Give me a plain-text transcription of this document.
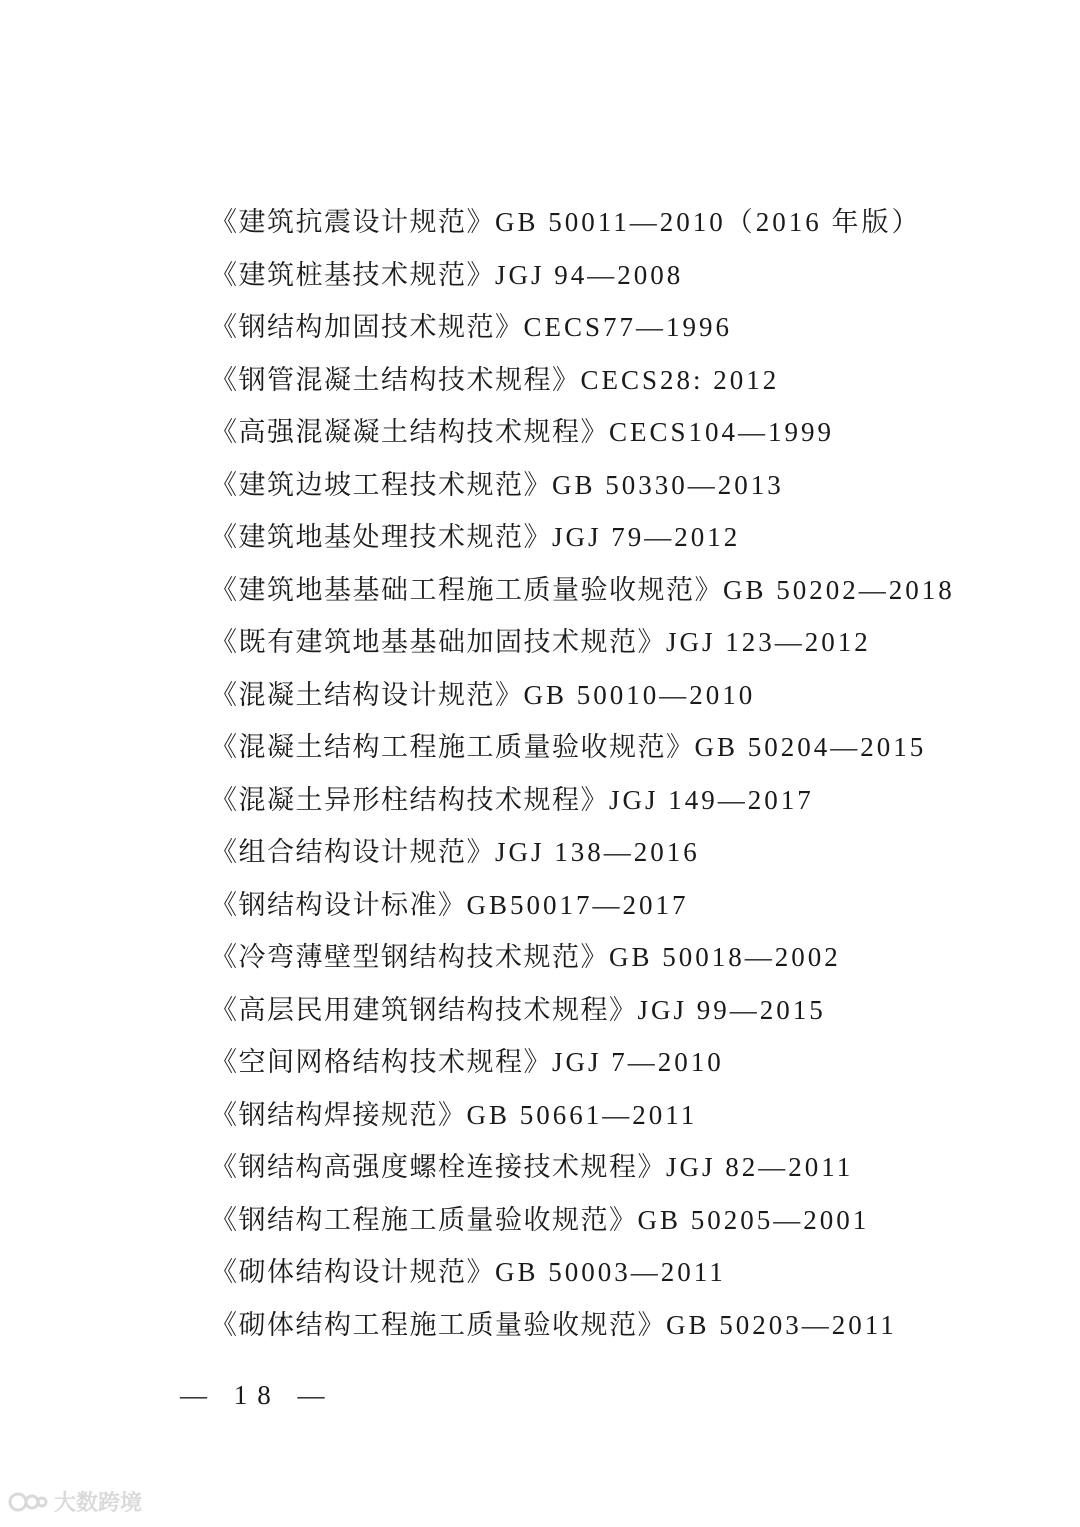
《建筑抗震设计规范》GB 50011—2010（2016 年版）
《建筑桩基技术规范》JGJ 94—2008
《钢结构加固技术规范》CECS77—1996
《钢管混凝土结构技术规程》CECS28: 2012
《高强混凝凝土结构技术规程》CECS104—1999
《建筑边坡工程技术规范》GB 50330—2013
《建筑地基处理技术规范》JGJ 79—2012
《建筑地基基础工程施工质量验收规范》GB 50202—2018
《既有建筑地基基础加固技术规范》JGJ 123—2012
《混凝土结构设计规范》GB 50010—2010
《混凝土结构工程施工质量验收规范》GB 50204—2015
《混凝土异形柱结构技术规程》JGJ 149—2017
《组合结构设计规范》JGJ 138—2016
《钢结构设计标准》GB50017—2017
《冷弯薄壁型钢结构技术规范》GB 50018—2002
《高层民用建筑钢结构技术规程》JGJ 99—2015
《空间网格结构技术规程》JGJ 7—2010
《钢结构焊接规范》GB 50661—2011
《钢结构高强度螺栓连接技术规程》JGJ 82—2011
《钢结构工程施工质量验收规范》GB 50205—2001
《砌体结构设计规范》GB 50003—2011
《砌体结构工程施工质量验收规范》GB 50203—2011
— 18 —
大数跨境
